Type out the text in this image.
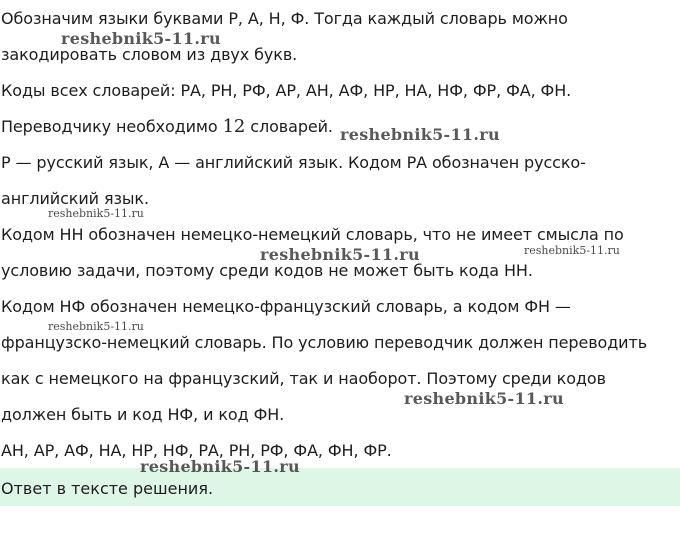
Обозначим языки буквами Р, А, Н, Ф. Тогда каждый словарь можно
закодировать словом из двух букв.
Коды всех словарей: РА, РН, РФ, АР, АН, АФ, НР, НА, НФ, ФР, ФА, ФН.
Переводчику необходимо 12 словарей.
Р — русский язык, А — английский язык. Кодом РА обозначен русско-
английский язык.
Кодом НН обозначен немецко-немецкий словарь, что не имеет смысла по
условию задачи, поэтому среди кодов не может быть кода НН.
Кодом НФ обозначен немецко-французский словарь, а кодом ФН —
французско-немецкий словарь. По условию переводчик должен переводить
как с немецкого на французский, так и наоборот. Поэтому среди кодов
должен быть и код НФ, и код ФН.
АН, АР, АФ, НА, НР, НФ, РА, РН, РФ, ФА, ФН, ФР.
Ответ в тексте решения.
reshebnik5-11.ru
reshebnik5-11.ru
reshebnik5-11.ru
reshebnik5-11.ru	reshebnik5-11.ru
reshebnik5-11.ru
reshebnik5-11.ru
reshebnik5-11.ru
